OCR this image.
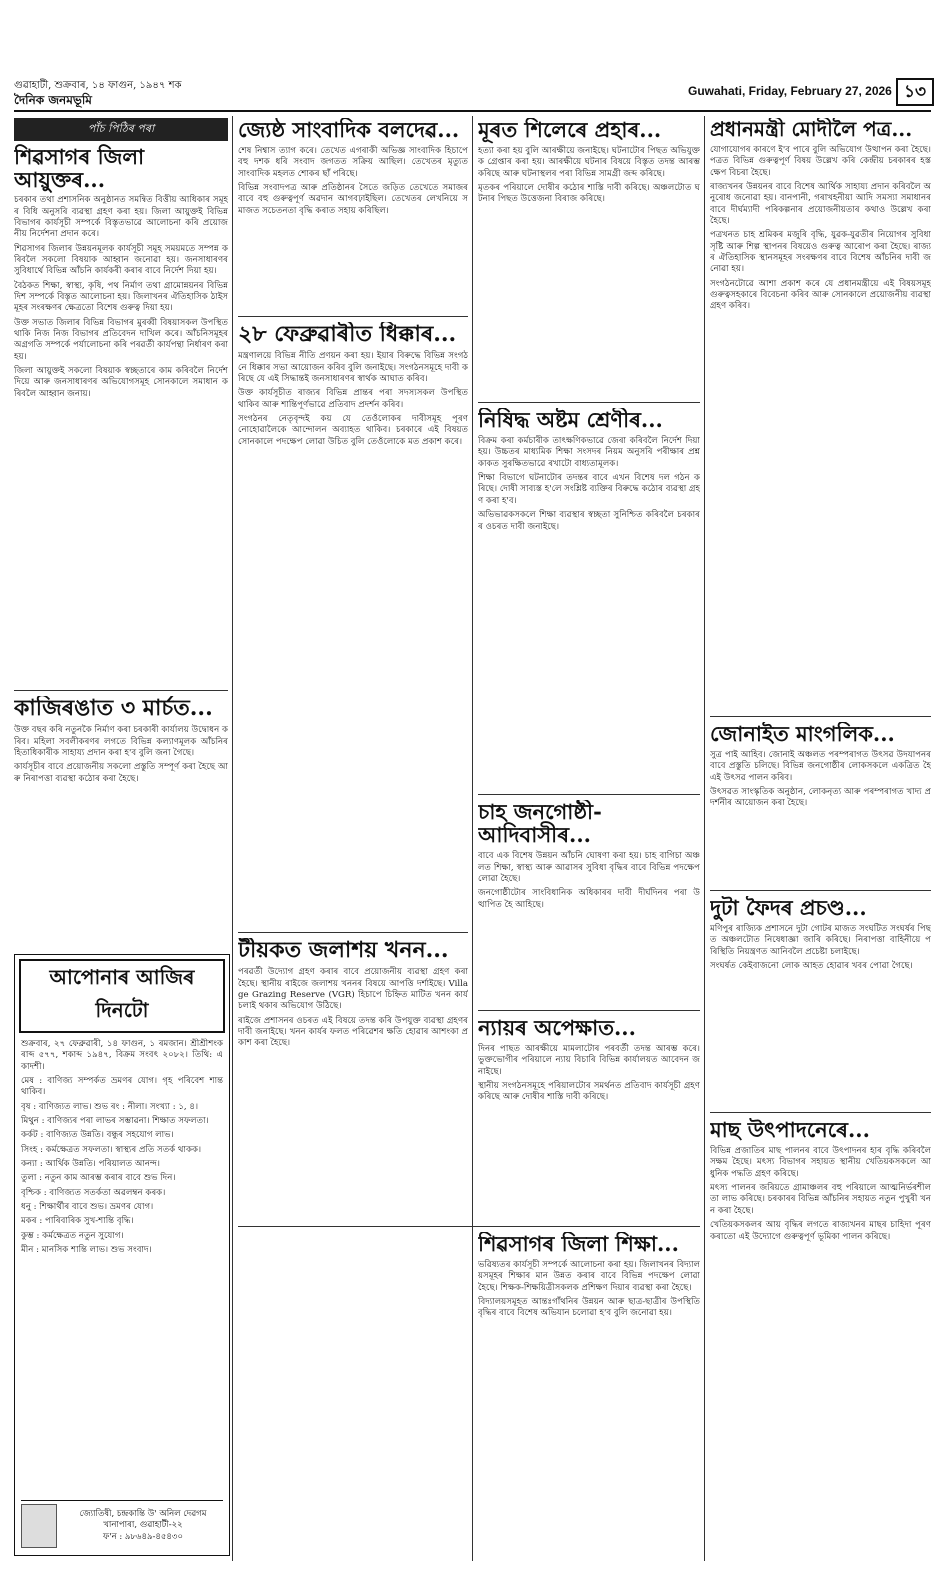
গুৱাহাটী, শুক্ৰবাৰ, ১৪ ফাগুন, ১৯৪৭ শক
দৈনিক জনমভূমি
Guwahati, Friday, February 27, 2026 ১৩
পাঁচ পিঠিৰ পৰা

শিৱসাগৰ জিলা আয়ুক্তৰ...

চৰকাৰ তথা প্ৰশাসনিক অনুষ্ঠানত সমন্বিত বিত্তীয় আধিকাৰ সমূহৰ বিধি অনুসৰি ব্যৱস্থা গ্ৰহণ কৰা হয়। জিলা আয়ুক্তই বিভিন্ন বিভাগৰ কাৰ্যসূচী সম্পৰ্কে বিস্তৃতভাৱে আলোচনা কৰি প্ৰয়োজনীয় নিৰ্দেশনা প্ৰদান কৰে।

শিৱসাগৰ জিলাৰ উন্নয়নমূলক কাৰ্যসূচী সমূহ সময়মতে সম্পন্ন কৰিবলৈ সকলো বিষয়াক আহ্বান জনোৱা হয়। জনসাধাৰণৰ সুবিধাৰ্থে বিভিন্ন আঁচনি কাৰ্যকৰী কৰাৰ বাবে নিৰ্দেশ দিয়া হয়।

বৈঠকত শিক্ষা, স্বাস্থ্য, কৃষি, পথ নিৰ্মাণ তথা গ্ৰামোন্নয়নৰ বিভিন্ন দিশ সম্পৰ্কে বিস্তৃত আলোচনা হয়। জিলাখনৰ ঐতিহাসিক ঠাইসমূহৰ সংৰক্ষণৰ ক্ষেত্ৰতো বিশেষ গুৰুত্ব দিয়া হয়।

উক্ত সভাত জিলাৰ বিভিন্ন বিভাগৰ মুৰব্বী বিষয়াসকল উপস্থিত থাকি নিজ নিজ বিভাগৰ প্ৰতিবেদন দাখিল কৰে। আঁচনিসমূহৰ অগ্ৰগতি সম্পৰ্কে পৰ্যালোচনা কৰি পৰৱৰ্তী কাৰ্যপন্থা নিৰ্ধাৰণ কৰা হয়।

জিলা আয়ুক্তই সকলো বিষয়াক স্বচ্ছতাৰে কাম কৰিবলৈ নিৰ্দেশ দিয়ে আৰু জনসাধাৰণৰ অভিযোগসমূহ সোনকালে সমাধান কৰিবলৈ আহ্বান জনায়।

কাজিৰঙাত ৩ মাৰ্চত...

উক্ত বছৰ কৰি নতুনকৈ নিৰ্মাণ কৰা চৰকাৰী কাৰ্যালয় উদ্বোধন কৰিব। মহিলা সবলীকৰণৰ লগতে বিভিন্ন কল্যাণমূলক আঁচনিৰ হিতাধিকাৰীক সাহায্য প্ৰদান কৰা হ'ব বুলি জনা গৈছে।

কাৰ্যসূচীৰ বাবে প্ৰয়োজনীয় সকলো প্ৰস্তুতি সম্পূৰ্ণ কৰা হৈছে আৰু নিৰাপত্তা ব্যৱস্থা কঠোৰ কৰা হৈছে।

আপোনাৰ আজিৰ দিনটো

শুক্ৰবাৰ, ২৭ ফেব্ৰুৱাৰী, ১৪ ফাগুন, ১ ৰমজান। শ্ৰীশ্ৰীশংকৰাব্দ ৫৭৭, শকাব্দ ১৯৪৭, বিক্ৰম সংবৎ ২০৮২। তিথি: একাদশী।

মেষ : বাণিজ্য সম্পৰ্কত ভ্ৰমণৰ যোগ। গৃহ পৰিবেশ শান্ত থাকিব।

বৃষ : বাণিজ্যত লাভ। শুভ ৰং : নীলা। সংখ্যা : ১, ৪।

মিথুন : বাণিজ্যৰ পৰা লাভৰ সম্ভাৱনা। শিক্ষাত সফলতা।

কৰ্কট : বাণিজ্যত উন্নতি। বন্ধুৰ সহযোগ লাভ।

সিংহ : কৰ্মক্ষেত্ৰত সফলতা। স্বাস্থ্যৰ প্ৰতি সতৰ্ক থাকক।

কন্যা : আৰ্থিক উন্নতি। পৰিয়ালত আনন্দ।

তুলা : নতুন কাম আৰম্ভ কৰাৰ বাবে শুভ দিন।

বৃশ্চিক : বাণিজ্যত সতৰ্কতা অৱলম্বন কৰক।

ধনু : শিক্ষাৰ্থীৰ বাবে শুভ। ভ্ৰমণৰ যোগ।

মকৰ : পাৰিবাৰিক সুখ-শান্তি বৃদ্ধি।

কুম্ভ : কৰ্মক্ষেত্ৰত নতুন সুযোগ।

মীন : মানসিক শান্তি লাভ। শুভ সংবাদ।

জ্যোতিষী, চন্দ্ৰকান্তি উ' অনিল দেৱগম
খানাপাৰা, গুৱাহাটী-২২
ফ'ন : ৯৮৬৪৯-৪৫৪৩০

জ্যেষ্ঠ সাংবাদিক বলদেৱ...

শেষ নিশ্বাস ত্যাগ কৰে। তেখেত এগৰাকী অভিজ্ঞ সাংবাদিক হিচাপে বহু দশক ধৰি সংবাদ জগতত সক্ৰিয় আছিল। তেখেতৰ মৃত্যুত সাংবাদিক মহলত শোকৰ ছাঁ পৰিছে।

বিভিন্ন সংবাদপত্ৰ আৰু প্ৰতিষ্ঠানৰ সৈতে জড়িত তেখেতে সমাজৰ বাবে বহু গুৰুত্বপূৰ্ণ অৱদান আগবঢ়াইছিল। তেখেতৰ লেখনিয়ে সমাজত সচেতনতা বৃদ্ধি কৰাত সহায় কৰিছিল।

২৮ ফেব্ৰুৱাৰীত ধিক্কাৰ...

মন্ত্ৰণালয়ে বিভিন্ন নীতি প্ৰণয়ন কৰা হয়। ইয়াৰ বিৰুদ্ধে বিভিন্ন সংগঠনে ধিক্কাৰ সভা আয়োজন কৰিব বুলি জনাইছে। সংগঠনসমূহে দাবী কৰিছে যে এই সিদ্ধান্তই জনসাধাৰণৰ স্বাৰ্থক আঘাত কৰিব।

উক্ত কাৰ্যসূচীত ৰাজ্যৰ বিভিন্ন প্ৰান্তৰ পৰা সদস্যসকল উপস্থিত থাকিব আৰু শান্তিপূৰ্ণভাৱে প্ৰতিবাদ প্ৰদৰ্শন কৰিব।

সংগঠনৰ নেতৃবৃন্দই কয় যে তেওঁলোকৰ দাবীসমূহ পূৰণ নোহোৱালৈকে আন্দোলন অব্যাহত থাকিব। চৰকাৰে এই বিষয়ত সোনকালে পদক্ষেপ লোৱা উচিত বুলি তেওঁলোকে মত প্ৰকাশ কৰে।

টীয়কত জলাশয় খনন...

পৰৱৰ্তী উদ্যোগ গ্ৰহণ কৰাৰ বাবে প্ৰয়োজনীয় ব্যৱস্থা গ্ৰহণ কৰা হৈছে। স্থানীয় ৰাইজে জলাশয় খননৰ বিষয়ে আপত্তি দৰ্শাইছে। Village Grazing Reserve (VGR) হিচাপে চিহ্নিত মাটিত খনন কাৰ্য চলাই থকাৰ অভিযোগ উঠিছে।

ৰাইজে প্ৰশাসনৰ ওচৰত এই বিষয়ে তদন্ত কৰি উপযুক্ত ব্যৱস্থা গ্ৰহণৰ দাবী জনাইছে। খনন কাৰ্যৰ ফলত পৰিৱেশৰ ক্ষতি হোৱাৰ আশংকা প্ৰকাশ কৰা হৈছে।

মূৰত শিলেৰে প্ৰহাৰ...

হত্যা কৰা হয় বুলি আৰক্ষীয়ে জনাইছে। ঘটনাটোৰ পিছত অভিযুক্তক গ্ৰেপ্তাৰ কৰা হয়। আৰক্ষীয়ে ঘটনাৰ বিষয়ে বিস্তৃত তদন্ত আৰম্ভ কৰিছে আৰু ঘটনাস্থলৰ পৰা বিভিন্ন সামগ্ৰী জব্দ কৰিছে।

মৃতকৰ পৰিয়ালে দোষীৰ কঠোৰ শাস্তি দাবী কৰিছে। অঞ্চলটোত ঘটনাৰ পিছত উত্তেজনা বিৰাজ কৰিছে।

নিষিদ্ধ অষ্টম শ্ৰেণীৰ...

বিক্ৰম কৰা কৰ্মচাৰীক তাৎক্ষণিকভাৱে জেৰা কৰিবলৈ নিৰ্দেশ দিয়া হয়। উচ্চতৰ মাধ্যমিক শিক্ষা সংসদৰ নিয়ম অনুসৰি পৰীক্ষাৰ প্ৰশ্নকাকত সুৰক্ষিতভাৱে ৰখাটো বাধ্যতামূলক।

শিক্ষা বিভাগে ঘটনাটোৰ তদন্তৰ বাবে এখন বিশেষ দল গঠন কৰিছে। দোষী সাব্যস্ত হ'লে সংশ্লিষ্ট ব্যক্তিৰ বিৰুদ্ধে কঠোৰ ব্যৱস্থা গ্ৰহণ কৰা হ'ব।

অভিভাৱকসকলে শিক্ষা ব্যৱস্থাৰ স্বচ্ছতা সুনিশ্চিত কৰিবলৈ চৰকাৰৰ ওচৰত দাবী জনাইছে।

চাহ জনগোষ্ঠী-আদিবাসীৰ...

বাবে এক বিশেষ উন্নয়ন আঁচনি ঘোষণা কৰা হয়। চাহ বাগিচা অঞ্চলত শিক্ষা, স্বাস্থ্য আৰু আৱাসৰ সুবিধা বৃদ্ধিৰ বাবে বিভিন্ন পদক্ষেপ লোৱা হৈছে।

জনগোষ্ঠীটোৰ সাংবিধানিক অধিকাৰৰ দাবী দীৰ্ঘদিনৰ পৰা উত্থাপিত হৈ আহিছে।

ন্যায়ৰ অপেক্ষাত...

দিনৰ পাছত আৰক্ষীয়ে মামলাটোৰ পৰবৰ্তী তদন্ত আৰম্ভ কৰে। ভুক্তভোগীৰ পৰিয়ালে ন্যায় বিচাৰি বিভিন্ন কাৰ্যালয়ত আবেদন জনাইছে।

স্থানীয় সংগঠনসমূহে পৰিয়ালটোৰ সমৰ্থনত প্ৰতিবাদ কাৰ্যসূচী গ্ৰহণ কৰিছে আৰু দোষীৰ শাস্তি দাবী কৰিছে।

শিৱসাগৰ জিলা শিক্ষা...

ভৱিষ্যতৰ কাৰ্যসূচী সম্পৰ্কে আলোচনা কৰা হয়। জিলাখনৰ বিদ্যালয়সমূহৰ শিক্ষাৰ মান উন্নত কৰাৰ বাবে বিভিন্ন পদক্ষেপ লোৱা হৈছে। শিক্ষক-শিক্ষয়িত্ৰীসকলক প্ৰশিক্ষণ দিয়াৰ ব্যৱস্থা কৰা হৈছে।

বিদ্যালয়সমূহত আন্তঃগাঁথনিৰ উন্নয়ন আৰু ছাত্ৰ-ছাত্ৰীৰ উপস্থিতি বৃদ্ধিৰ বাবে বিশেষ অভিযান চলোৱা হ'ব বুলি জনোৱা হয়।

প্ৰধানমন্ত্ৰী মোদীলৈ পত্ৰ...

যোগাযোগৰ কাৰণে ই'ব পাৰে বুলি অভিযোগ উত্থাপন কৰা হৈছে। পত্ৰত বিভিন্ন গুৰুত্বপূৰ্ণ বিষয় উল্লেখ কৰি কেন্দ্ৰীয় চৰকাৰৰ হস্তক্ষেপ বিচৰা হৈছে।

ৰাজ্যখনৰ উন্নয়নৰ বাবে বিশেষ আৰ্থিক সাহায্য প্ৰদান কৰিবলৈ অনুৰোধ জনোৱা হয়। বানপানী, গৰাখহনীয়া আদি সমস্যা সমাধানৰ বাবে দীৰ্ঘম্যাদী পৰিকল্পনাৰ প্ৰয়োজনীয়তাৰ কথাও উল্লেখ কৰা হৈছে।

পত্ৰখনত চাহ শ্ৰমিকৰ মজুৰি বৃদ্ধি, যুৱক-যুৱতীৰ নিয়োগৰ সুবিধা সৃষ্টি আৰু শিল্প স্থাপনৰ বিষয়েও গুৰুত্ব আৰোপ কৰা হৈছে। ৰাজ্যৰ ঐতিহাসিক স্থানসমূহৰ সংৰক্ষণৰ বাবে বিশেষ আঁচনিৰ দাবী জনোৱা হয়।

সংগঠনটোৱে আশা প্ৰকাশ কৰে যে প্ৰধানমন্ত্ৰীয়ে এই বিষয়সমূহ গুৰুত্বসহকাৰে বিবেচনা কৰিব আৰু সোনকালে প্ৰয়োজনীয় ব্যৱস্থা গ্ৰহণ কৰিব।

জোনাইত মাংগলিক...

সুত্ৰ পাই আহিব। জোনাই অঞ্চলত পৰম্পৰাগত উৎসৱ উদযাপনৰ বাবে প্ৰস্তুতি চলিছে। বিভিন্ন জনগোষ্ঠীৰ লোকসকলে একত্ৰিত হৈ এই উৎসৱ পালন কৰিব।

উৎসৱত সাংস্কৃতিক অনুষ্ঠান, লোকনৃত্য আৰু পৰম্পৰাগত খাদ্য প্ৰদৰ্শনীৰ আয়োজন কৰা হৈছে।

দুটা ফৈদৰ প্ৰচণ্ড...

মণিপুৰ ৰাজ্যিক প্ৰশাসনে দুটা গোটৰ মাজত সংঘটিত সংঘৰ্ষৰ পিছত অঞ্চলটোত নিষেধাজ্ঞা জাৰি কৰিছে। নিৰাপত্তা বাহিনীয়ে পৰিস্থিতি নিয়ন্ত্ৰণত আনিবলৈ প্ৰচেষ্টা চলাইছে।

সংঘৰ্ষত কেইবাজনো লোক আহত হোৱাৰ খবৰ পোৱা গৈছে।

মাছ উৎপাদনেৰে...

বিভিন্ন প্ৰজাতিৰ মাছ পালনৰ বাবে উৎপাদনৰ হাৰ বৃদ্ধি কৰিবলৈ সক্ষম হৈছে। মৎস্য বিভাগৰ সহায়ত স্থানীয় খেতিয়কসকলে আধুনিক পদ্ধতি গ্ৰহণ কৰিছে।

মৎস্য পালনৰ জৰিয়তে গ্ৰামাঞ্চলৰ বহু পৰিয়ালে আত্মনিৰ্ভৰশীলতা লাভ কৰিছে। চৰকাৰৰ বিভিন্ন আঁচনিৰ সহায়ত নতুন পুখুৰী খনন কৰা হৈছে।

খেতিয়কসকলৰ আয় বৃদ্ধিৰ লগতে ৰাজ্যখনৰ মাছৰ চাহিদা পূৰণ কৰাতো এই উদ্যোগে গুৰুত্বপূৰ্ণ ভূমিকা পালন কৰিছে।
